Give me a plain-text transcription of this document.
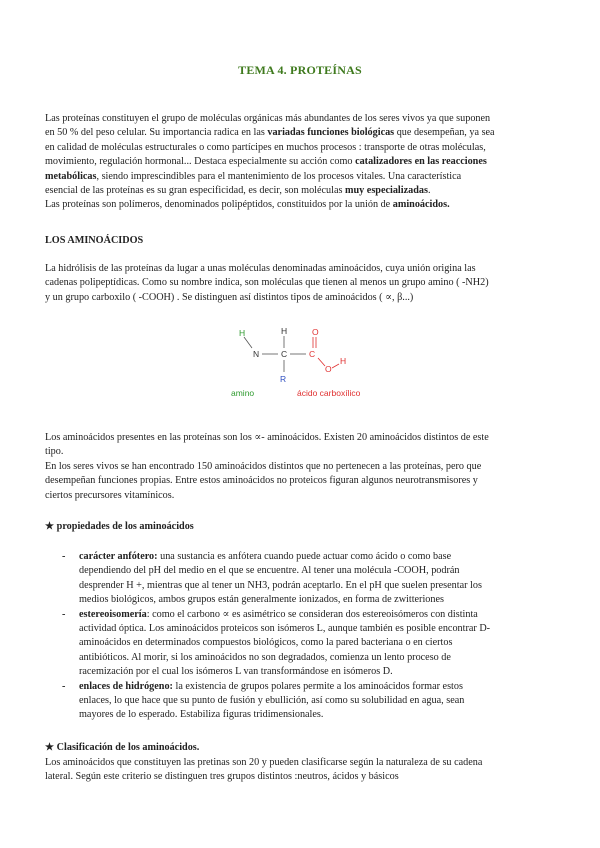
TEMA 4. PROTEÍNAS

Las proteínas constituyen el grupo de moléculas orgánicas más abundantes de los seres vivos ya que suponen

en 50 % del peso celular. Su importancia radica en las variadas funciones biológicas que desempeñan, ya sea

en calidad de moléculas estructurales o como partícipes en muchos procesos : transporte de otras moléculas,

movimiento, regulación hormonal... Destaca especialmente su acción como catalizadores en las reacciones

metabólicas, siendo imprescindibles para el mantenimiento de los procesos vitales. Una característica

esencial de las proteínas es su gran especificidad, es decir, son moléculas muy especializadas.

Las proteínas son polímeros, denominados polipéptidos, constituidos por la unión de aminoácidos.

LOS AMINOÁCIDOS

La hidrólisis de las proteínas da lugar a unas moléculas denominadas aminoácidos, cuya unión origina las

cadenas polipeptídicas. Como su nombre indica, son moléculas que tienen al menos un grupo amino ( -NH2)

y un grupo carboxilo ( -COOH) . Se distinguen así distintos tipos de aminoácidos ( ∝, β...)

H
N
H
C
R
C
O
O
H
amino	ácido carboxílico

Los aminoácidos presentes en las proteínas son los ∝- aminoácidos. Existen 20 aminoácidos distintos de este

tipo.

En los seres vivos se han encontrado 150 aminoácidos distintos que no pertenecen a las proteínas, pero que

desempeñan funciones propias. Entre estos aminoácidos no proteicos figuran algunos neurotransmisores y

ciertos precursores vitamínicos.

★ propiedades de los aminoácidos
- carácter anfótero: una sustancia es anfótera cuando puede actuar como ácido o como base

dependiendo del pH del medio en el que se encuentre. Al tener una molécula -COOH, podrán

desprender H +, mientras que al tener un NH3, podrán aceptarlo. En el pH que suelen presentar los

medios biológicos, ambos grupos están generalmente ionizados, en forma de zwitteriones

- estereoisomería: como el carbono ∝ es asimétrico se consideran dos estereoisómeros con distinta

actividad óptica. Los aminoácidos proteicos son isómeros L, aunque también es posible encontrar D-

aminoácidos en determinados compuestos biológicos, como la pared bacteriana o en ciertos

antibióticos. Al morir, si los aminoácidos no son degradados, comienza un lento proceso de

racemización por el cual los isómeros L van transformándose en isómeros D.

- enlaces de hidrógeno: la existencia de grupos polares permite a los aminoácidos formar estos

enlaces, lo que hace que su punto de fusión y ebullición, así como su solubilidad en agua, sean

mayores de lo esperado. Estabiliza figuras tridimensionales.

★ Clasificación de los aminoácidos.

Los aminoácidos que constituyen las pretinas son 20 y pueden clasificarse según la naturaleza de su cadena

lateral. Según este criterio se distinguen tres grupos distintos :neutros, ácidos y básicos
